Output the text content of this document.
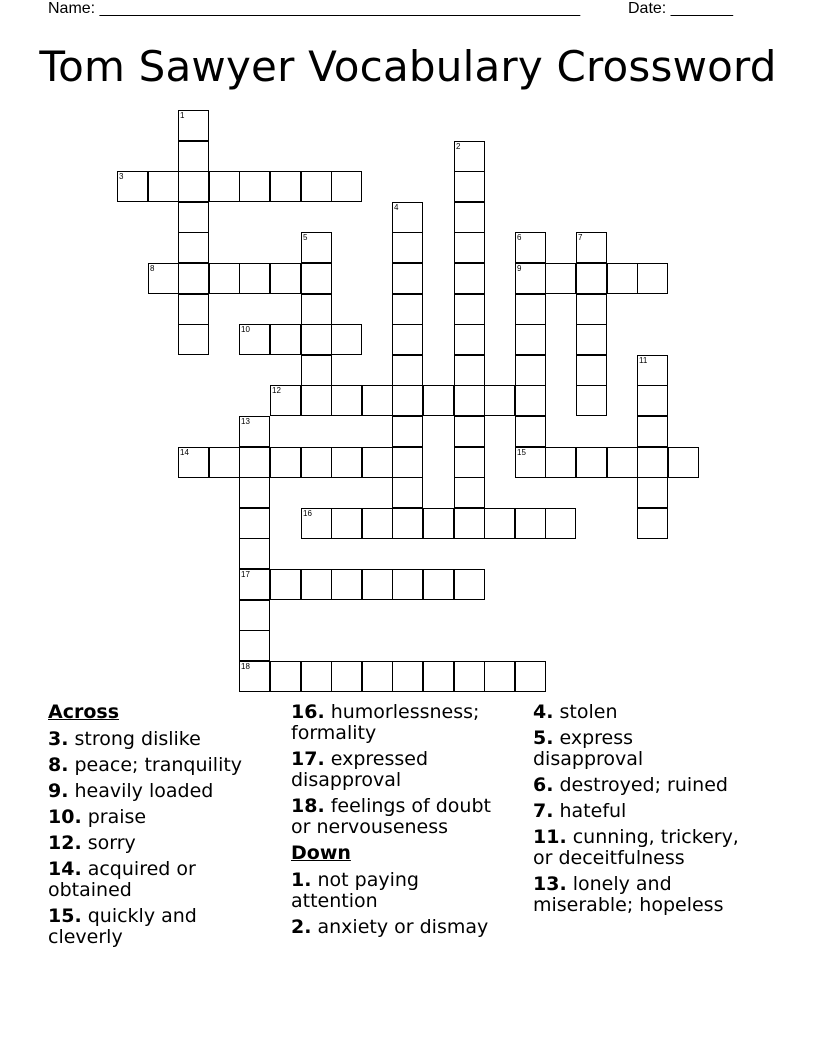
Name: ______________________________________________________	Date: _______
Tom Sawyer Vocabulary Crossword
1
2
3
4
5	6
9
7
8
10
11
12
13
17
14	15
16
18
Across
3. strong dislike
8. peace; tranquility
9. heavily loaded
10. praise
12. sorry
14. acquired or obtained
15. quickly and cleverly
16. humorlessness; formality
17. expressed disapproval
18. feelings of doubt or nervouseness
Down
1. not paying attention
2. anxiety or dismay
4. stolen
5. express disapproval
6. destroyed; ruined
7. hateful
11. cunning, trickery, or deceitfulness
13. lonely and miserable; hopeless
